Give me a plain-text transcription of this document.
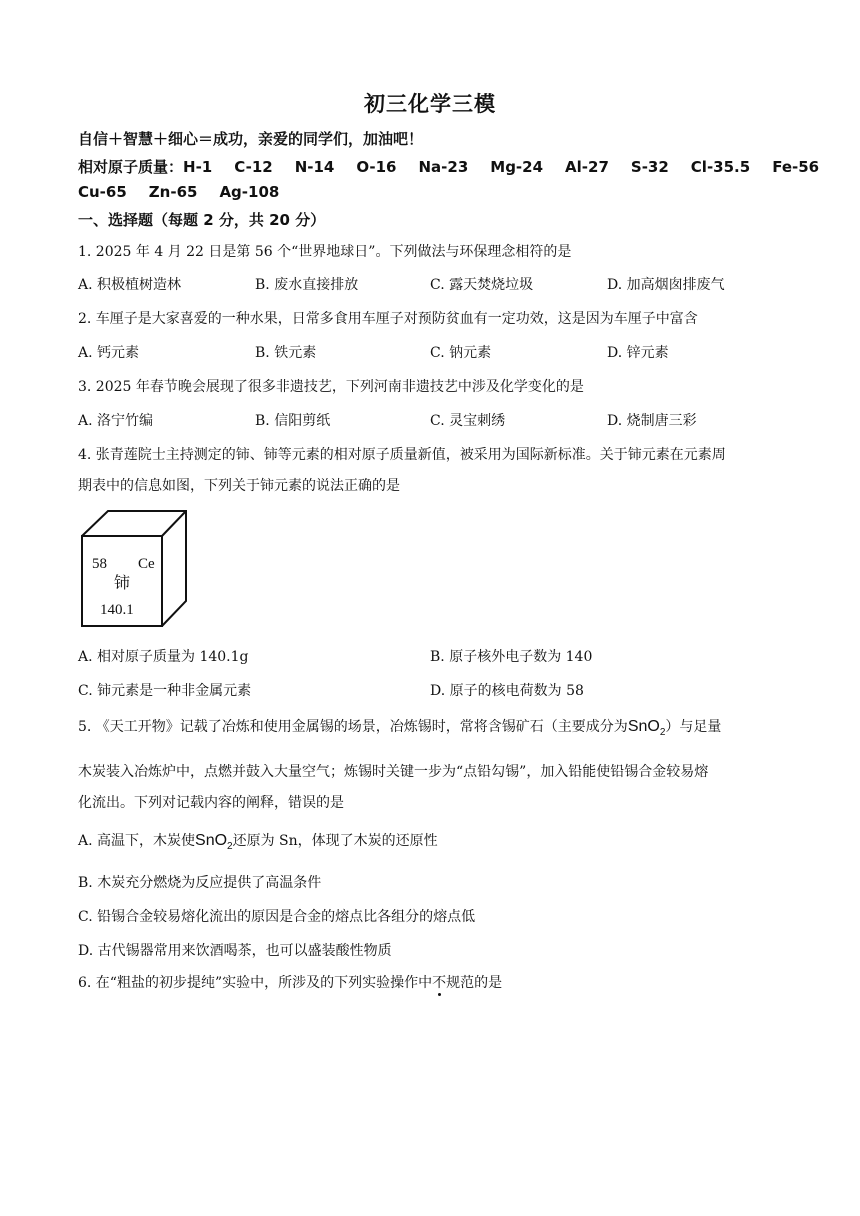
初三化学三模
自信＋智慧＋细心＝成功，亲爱的同学们，加油吧！
相对原子质量：H-1 C-12 N-14 O-16 Na-23 Mg-24 Al-27 S-32 Cl-35.5 Fe-56
Cu-65 Zn-65 Ag-108
一、选择题（每题 2 分，共 20 分）
1. 2025 年 4 月 22 日是第 56 个“世界地球日”。下列做法与环保理念相符的是
A. 积极植树造林	B. 废水直接排放	C. 露天焚烧垃圾	D. 加高烟囱排废气
2. 车厘子是大家喜爱的一种水果，日常多食用车厘子对预防贫血有一定功效，这是因为车厘子中富含
A. 钙元素	B. 铁元素	C. 钠元素	D. 锌元素
3. 2025 年春节晚会展现了很多非遗技艺，下列河南非遗技艺中涉及化学变化的是
A. 洛宁竹编	B. 信阳剪纸	C. 灵宝刺绣	D. 烧制唐三彩
4. 张青莲院士主持测定的铈、铈等元素的相对原子质量新值，被采用为国际新标准。关于铈元素在元素周
期表中的信息如图，下列关于铈元素的说法正确的是
58 Ce
铈
140.1
A. 相对原子质量为 140.1g	B. 原子核外电子数为 140
C. 铈元素是一种非金属元素	D. 原子的核电荷数为 58
5. 《天工开物》记载了冶炼和使用金属锡的场景，冶炼锡时，常将含锡矿石（主要成分为SnO$_2$）与足量
木炭装入冶炼炉中，点燃并鼓入大量空气；炼锡时关键一步为“点铅勾锡”，加入铅能使铅锡合金较易熔
化流出。下列对记载内容的阐释，错误的是
A. 高温下，木炭使SnO$_2$还原为 Sn，体现了木炭的还原性
B. 木炭充分燃烧为反应提供了高温条件
C. 铅锡合金较易熔化流出的原因是合金的熔点比各组分的熔点低
D. 古代锡器常用来饮酒喝茶，也可以盛装酸性物质
6. 在“粗盐的初步提纯”实验中，所涉及的下列实验操作中不规范的是
